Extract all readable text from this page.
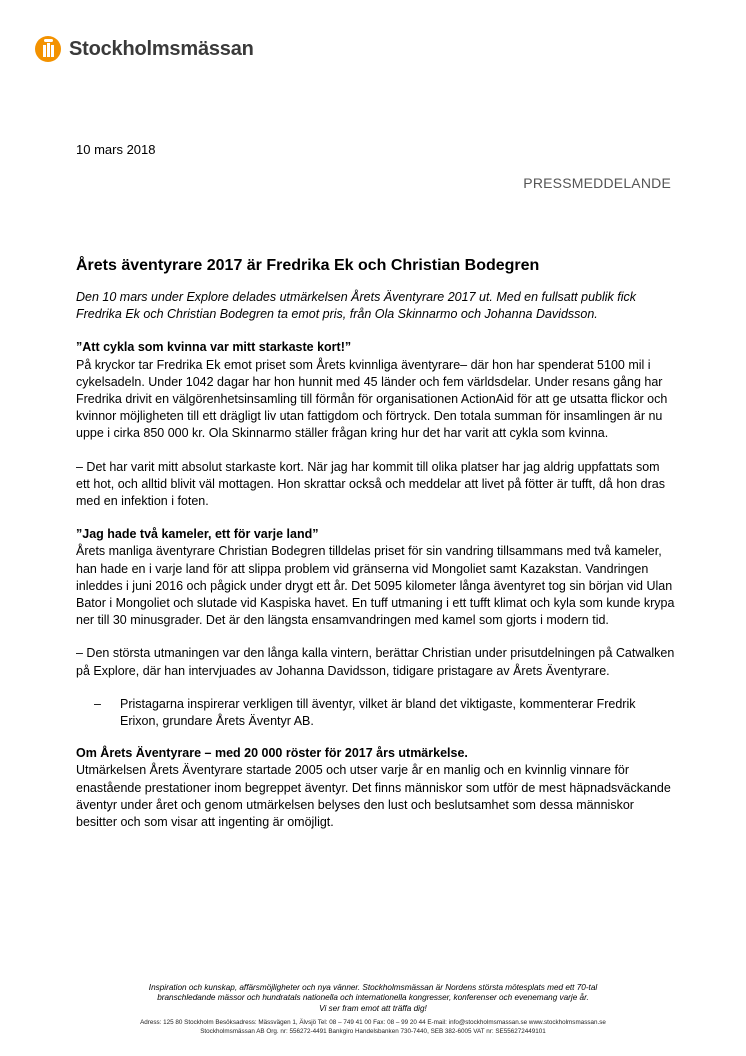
Stockholmsmässan
10 mars 2018
PRESSMEDDELANDE
Årets äventyrare 2017 är Fredrika Ek och Christian Bodegren

Den 10 mars under Explore delades utmärkelsen Årets Äventyrare 2017 ut. Med en fullsatt publik fick Fredrika Ek och Christian Bodegren ta emot pris, från Ola Skinnarmo och Johanna Davidsson.

”Att cykla som kvinna var mitt starkaste kort!”

På kryckor tar Fredrika Ek emot priset som Årets kvinnliga äventyrare– där hon har spenderat 5100 mil i cykelsadeln. Under 1042 dagar har hon hunnit med 45 länder och fem världsdelar. Under resans gång har Fredrika drivit en välgörenhetsinsamling till förmån för organisationen ActionAid för att ge utsatta flickor och kvinnor möjligheten till ett drägligt liv utan fattigdom och förtryck. Den totala summan för insamlingen är nu uppe i cirka 850 000 kr. Ola Skinnarmo ställer frågan kring hur det har varit att cykla som kvinna.

– Det har varit mitt absolut starkaste kort. När jag har kommit till olika platser har jag aldrig uppfattats som ett hot, och alltid blivit väl mottagen. Hon skrattar också och meddelar att livet på fötter är tufft, då hon dras med en infektion i foten.

”Jag hade två kameler, ett för varje land”

Årets manliga äventyrare Christian Bodegren tilldelas priset för sin vandring tillsammans med två kameler, han hade en i varje land för att slippa problem vid gränserna vid Mongoliet samt Kazakstan. Vandringen inleddes i juni 2016 och pågick under drygt ett år. Det 5095 kilometer långa äventyret tog sin början vid Ulan Bator i Mongoliet och slutade vid Kaspiska havet. En tuff utmaning i ett tufft klimat och kyla som kunde krypa ner till 30 minusgrader. Det är den längsta ensamvandringen med kamel som gjorts i modern tid.

– Den största utmaningen var den långa kalla vintern, berättar Christian under prisutdelningen på Catwalken på Explore, där han intervjuades av Johanna Davidsson, tidigare pristagare av Årets Äventyrare.

–	Pristagarna inspirerar verkligen till äventyr, vilket är bland det viktigaste, kommenterar Fredrik Erixon, grundare Årets Äventyr AB.
Om Årets Äventyrare – med 20 000 röster för 2017 års utmärkelse.

Utmärkelsen Årets Äventyrare startade 2005 och utser varje år en manlig och en kvinnlig vinnare för enastående prestationer inom begreppet äventyr. Det finns människor som utför de mest häpnadsväckande äventyr under året och genom utmärkelsen belyses den lust och beslutsamhet som dessa människor besitter och som visar att ingenting är omöjligt.

Inspiration och kunskap, affärsmöjligheter och nya vänner. Stockholmsmässan är Nordens största mötesplats med ett 70-tal
branschledande mässor och hundratals nationella och internationella kongresser, konferenser och evenemang varje år.
Vi ser fram emot att träffa dig!
Adress: 125 80 Stockholm Besöksadress: Mässvägen 1, Älvsjö Tel: 08 – 749 41 00 Fax: 08 – 99 20 44 E-mail: info@stockholmsmassan.se www.stockholmsmassan.se
Stockholmsmässan AB Org. nr: 556272-4491 Bankgiro Handelsbanken 730-7440, SEB 382-6005 VAT nr: SE556272449101
